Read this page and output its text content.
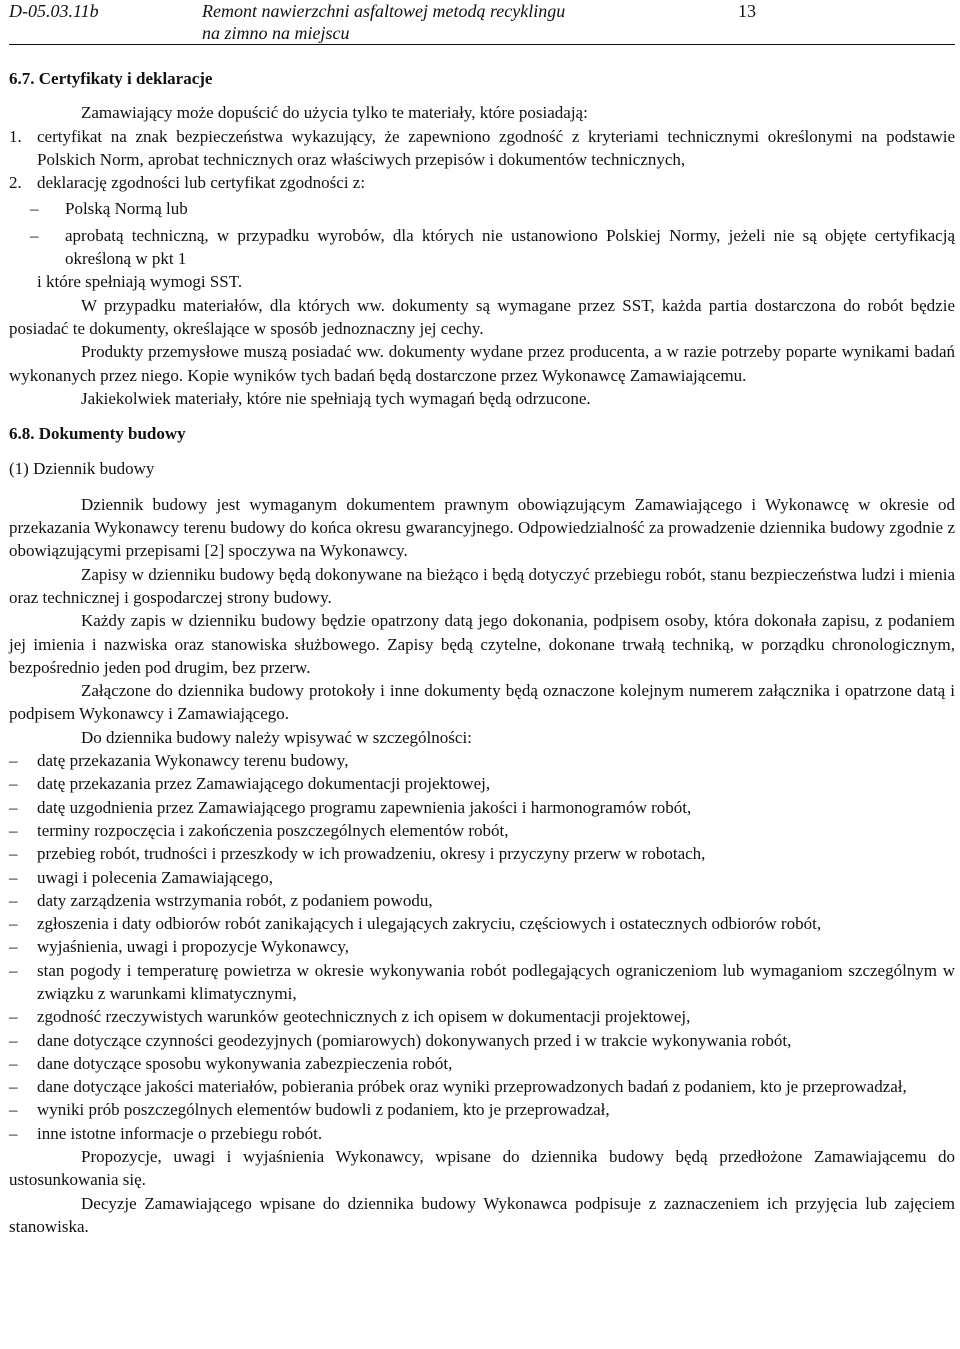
D-05.03.11b	Remont nawierzchni asfaltowej metodą recyklingu
na zimno na miejscu
13

6.7. Certyfikaty i deklaracje

Zamawiający może dopuścić do użycia tylko te materiały, które posiadają:

1. certyfikat na znak bezpieczeństwa wykazujący, że zapewniono zgodność z kryteriami technicznymi określonymi na podstawie Polskich Norm, aprobat technicznych oraz właściwych przepisów i dokumentów technicznych,
2. deklarację zgodności lub certyfikat zgodności z:
– Polską Normą lub
– aprobatą techniczną, w przypadku wyrobów, dla których nie ustanowiono Polskiej Normy, jeżeli nie są objęte certyfikacją określoną w pkt 1

i które spełniają wymogi SST.

W przypadku materiałów, dla których ww. dokumenty są wymagane przez SST, każda partia dostarczona do robót będzie posiadać te dokumenty, określające w sposób jednoznaczny jej cechy.

Produkty przemysłowe muszą posiadać ww. dokumenty wydane przez producenta, a w razie potrzeby poparte wynikami badań wykonanych przez niego. Kopie wyników tych badań będą dostarczone przez Wykonawcę Zamawiającemu.

Jakiekolwiek materiały, które nie spełniają tych wymagań będą odrzucone.

6.8. Dokumenty budowy

(1) Dziennik budowy

Dziennik budowy jest wymaganym dokumentem prawnym obowiązującym Zamawiającego i Wykonawcę w okresie od przekazania Wykonawcy terenu budowy do końca okresu gwarancyjnego. Odpowiedzialność za prowadzenie dziennika budowy zgodnie z obowiązującymi przepisami [2] spoczywa na Wykonawcy.

Zapisy w dzienniku budowy będą dokonywane na bieżąco i będą dotyczyć przebiegu robót, stanu bezpieczeństwa ludzi i mienia oraz technicznej i gospodarczej strony budowy.

Każdy zapis w dzienniku budowy będzie opatrzony datą jego dokonania, podpisem osoby, która dokonała zapisu, z podaniem jej imienia i nazwiska oraz stanowiska służbowego. Zapisy będą czytelne, dokonane trwałą techniką, w porządku chronologicznym, bezpośrednio jeden pod drugim, bez przerw.

Załączone do dziennika budowy protokoły i inne dokumenty będą oznaczone kolejnym numerem załącznika i opatrzone datą i podpisem Wykonawcy i Zamawiającego.

Do dziennika budowy należy wpisywać w szczególności:

– datę przekazania Wykonawcy terenu budowy,
– datę przekazania przez Zamawiającego dokumentacji projektowej,
– datę uzgodnienia przez Zamawiającego programu zapewnienia jakości i harmonogramów robót,
– terminy rozpoczęcia i zakończenia poszczególnych elementów robót,
– przebieg robót, trudności i przeszkody w ich prowadzeniu, okresy i przyczyny przerw w robotach,
– uwagi i polecenia Zamawiającego,
– daty zarządzenia wstrzymania robót, z podaniem powodu,
– zgłoszenia i daty odbiorów robót zanikających i ulegających zakryciu, częściowych i ostatecznych odbiorów robót,
– wyjaśnienia, uwagi i propozycje Wykonawcy,
– stan pogody i temperaturę powietrza w okresie wykonywania robót podlegających ograniczeniom lub wymaganiom szczególnym w związku z warunkami klimatycznymi,
– zgodność rzeczywistych warunków geotechnicznych z ich opisem w dokumentacji projektowej,
– dane dotyczące czynności geodezyjnych (pomiarowych) dokonywanych przed i w trakcie wykonywania robót,
– dane dotyczące sposobu wykonywania zabezpieczenia robót,
– dane dotyczące jakości materiałów, pobierania próbek oraz wyniki przeprowadzonych badań z podaniem, kto je przeprowadzał,
– wyniki prób poszczególnych elementów budowli z podaniem, kto je przeprowadzał,
– inne istotne informacje o przebiegu robót.

Propozycje, uwagi i wyjaśnienia Wykonawcy, wpisane do dziennika budowy będą przedłożone Zamawiającemu do ustosunkowania się.

Decyzje Zamawiającego wpisane do dziennika budowy Wykonawca podpisuje z zaznaczeniem ich przyjęcia lub zajęciem stanowiska.
